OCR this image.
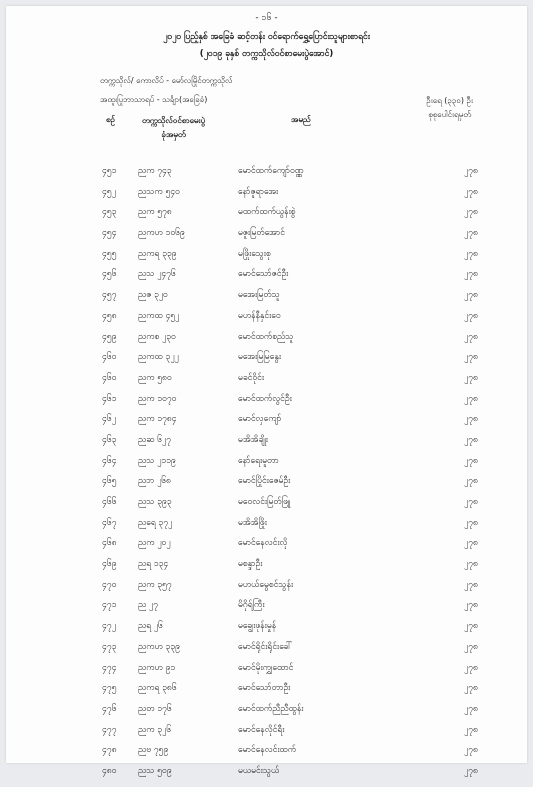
- ၁၆ -
၂၀၂၀ ပြည့်နှစ် အခြေခံ ဆင့်တန်း ဝင်ရောက်ရွှေ့ပြောင်းသူများစာရင်း
(၂၀၁၉ ခုနှစ် တက္ကသိုလ်ဝင်စာမေးပွဲအောင်)
တက္ကသိုလ်/ ကောလိပ် - မော်လမြိုင်တက္ကသိုလ်
အထူးပြုဘာသာရပ် - သင်္ချာ(အခြေခံ)	ဦးရေ (၃၃၀) ဦး
စုစုပေါင်းရမှတ်
စဉ်	တက္ကသိုလ်ဝင်စာမေးပွဲ
ခုံအမှတ်
အမည်
၄၅၁	ညက ၇၄၃	မောင်ထက်ကျော်ဝဏ္ဏ	၂၇၈
၄၅၂	ညသက ၅၄၀	နော်ဇူရာအေး	၂၇၈
၄၅၃	ညက ၅၇၈	မထက်ထက်ယွန်းစွဲ	၂၇၈
၄၅၄	ညကဟ ၁၀၆၉	မဇူးမြတ်အောင်	၂၇၈
၄၅၅	ညကရ ၃၃၉	မဖြိုးသွေးစု	၂၇၈
၄၅၆	ညသ ၂၄၇၆	မောင်သော်ဇင်ဦး	၂၇၈
၄၅၇	ညဇ ၃၂၀	မအေးမြတ်သူ	၂၇၈
၄၅၈	ညကထ ၄၅၂	မဟန်နီနှင်းဝေ	၂၇၈
၄၅၉	ညကစ ၂၃၀	မောင်ထက်စည်သူ	၂၇၈
၄၆၀	ညကထ ၃၂၂	မအေးမြမြနွေး	၂၇၈
၄၆၀	ညက ၅၈၀	မခင်ဝိုင်း	၂၇၈
၄၆၁	ညက ၁၀၇၀	မောင်ထက်လွင်ဦး	၂၇၈
၄၆၂	ညက ၁၇၈၄	မောင်လှကျော်	၂၇၈
၄၆၃	ညဆ ၆၂၇	မအိအိချိုး	၂၇၈
၄၆၄	ညသ ၂၁၁၉	နော်ရေးမူတာ	၂၇၈
၄၆၅	ညဘ ၂၆၈	မောင်ပြိုင်းဇေမ်ဦး	၂၇၈
၄၆၆	ညသ ၃၉၃	မဝေလင်းမြတ်ဖြူ	၂၇၈
၄၆၇	ညရေ ၃၇၂	မအိအိဖြိုး	၂၇၈
၄၆၈	ညက ၂၀၂	မောင်နေလင်းလို	၂၇၈
၄၆၉	ညရ ၁၃၄	မစန္ဒာဦး	၂၇၈
၄၇၀	ညက ၃၅၇	မဟယ်မွေစင်သွန်း	၂၇၈
၄၇၁	ည ၂၇	မိဂိုရ်ကြီး	၂၇၈
၄၇၂	ညရ ၂၆	မချွေးဖုန်းမှုန်	၂၇၈
၄၇၃	ညကဟ ၃၃၉	မောင်ရိုင်းရိုင်းခေါ်	၂၇၈
၄၇၄	ညကဟ ၉၁	မောင်မိုးကျွှထောင်	၂၇၈
၄၇၅	ညကရ ၃၈၆	မောင်သော်တာဦး	၂၇၈
၄၇၆	ညတ ၁၇၆	မောင်ထက်ညီညီထွန်း	၂၇၈
၄၇၇	ညက ၃၂၆	မောင်နေလိုင်ရီး	၂၇၈
၄၇၈	ညဗ ၇၅၉	မောင်နေလင်းထက်	၂၇၈
၄၈၀	ညသ ၅၀၉	မယမင်းသွယ်	၂၇၈
